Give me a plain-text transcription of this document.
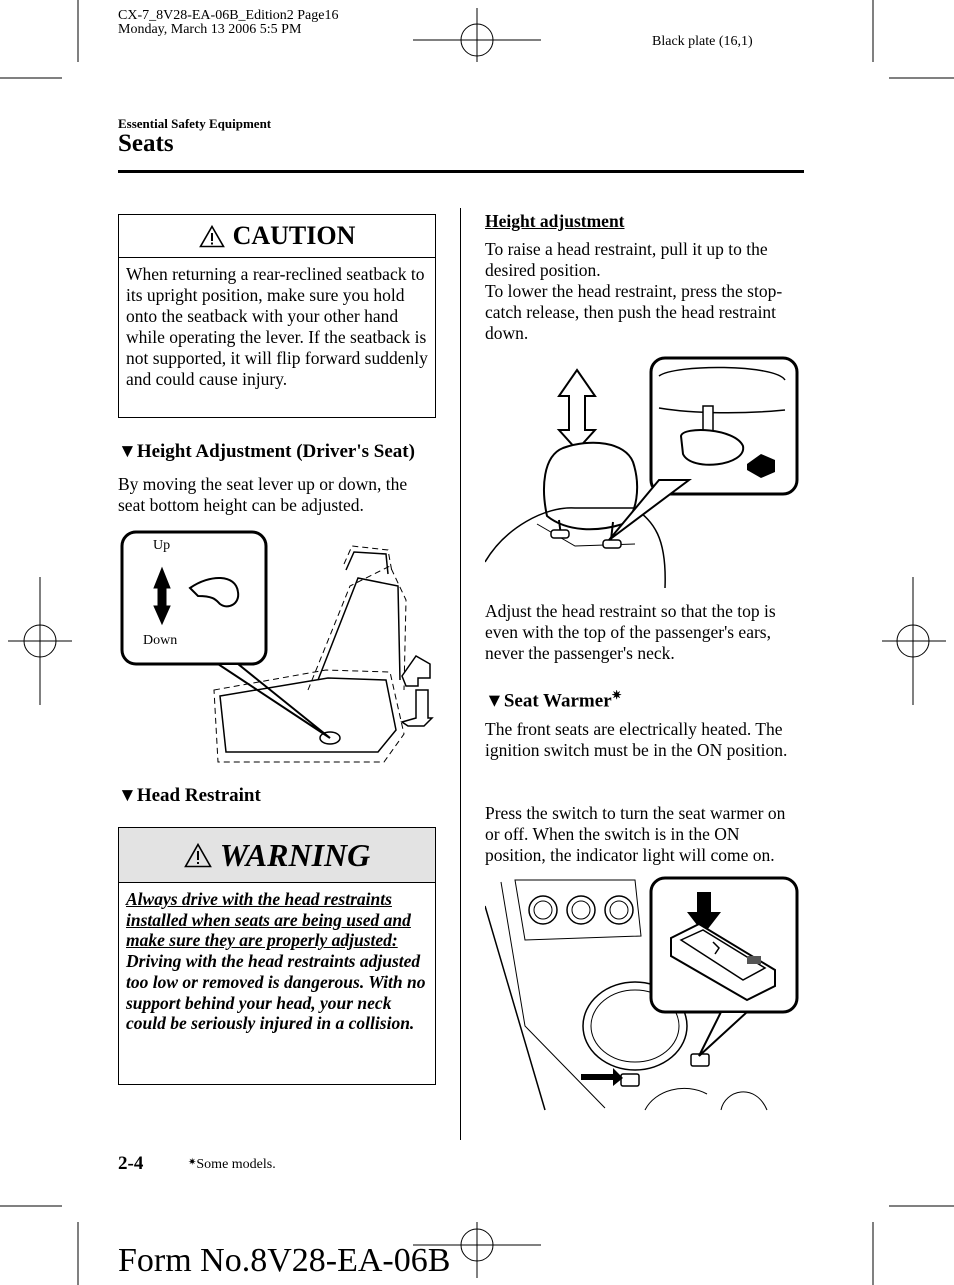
CX-7_8V28-EA-06B_Edition2 Page16
Monday, March 13 2006 5:5 PM
Black plate (16,1)
Essential Safety Equipment
Seats
CAUTION
When returning a rear-reclined seatback to its upright position, make sure you hold onto the seatback with your other hand while operating the lever. If the seatback is not supported, it will flip forward suddenly and could cause injury.
▼Height Adjustment (Driver's Seat)
By moving the seat lever up or down, the seat bottom height can be adjusted.
Up
Down
▼Head Restraint
WARNING
Always drive with the head restraints installed when seats are being used and make sure they are properly adjusted:
Driving with the head restraints adjusted too low or removed is dangerous. With no support behind your head, your neck could be seriously injured in a collision.
Height adjustment
To raise a head restraint, pull it up to the desired position.
To lower the head restraint, press the stop-catch release, then push the head restraint down.
Adjust the head restraint so that the top is even with the top of the passenger's ears, never the passenger's neck.
▼Seat Warmer✷
The front seats are electrically heated. The ignition switch must be in the ON position.
Press the switch to turn the seat warmer on or off. When the switch is in the ON position, the indicator light will come on.
2-4	✷Some models.
Form No.8V28-EA-06B
